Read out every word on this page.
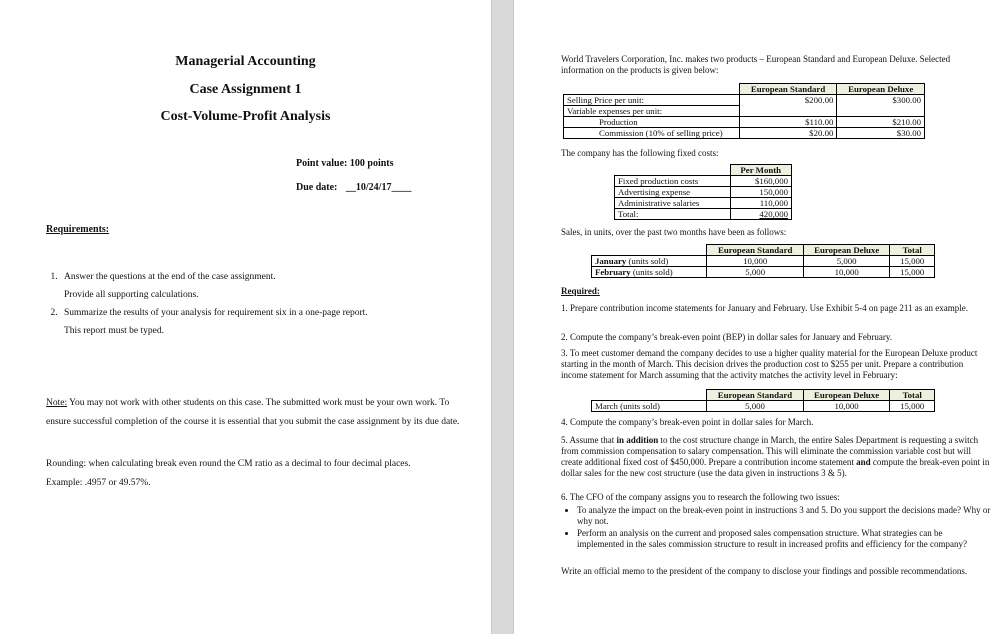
Managerial Accounting
Case Assignment 1
Cost-Volume-Profit Analysis
Point value: 100 points
Due date: __10/24/17____
Requirements:
1. Answer the questions at the end of the case assignment.
Provide all supporting calculations.
2. Summarize the results of your analysis for requirement six in a one-page report.
This report must be typed.
Note: You may not work with other students on this case. The submitted work must be your own work. To ensure successful completion of the course it is essential that you submit the case assignment by its due date.
Rounding: when calculating break even round the CM ratio as a decimal to four decimal places.
Example: .4957 or 49.57%.
World Travelers Corporation, Inc. makes two products – European Standard and European Deluxe. Selected information on the products is given below:
	European Standard	European Deluxe
Selling Price per unit:	$200.00	$300.00
Variable expenses per unit:		
Production	$110.00	$210.00
Commission (10% of selling price)	$20.00	$30.00
The company has the following fixed costs:
	Per Month
Fixed production costs	$160,000
Advertising expense	150,000
Administrative salaries	110,000
Total:	420,000
Sales, in units, over the past two months have been as follows:
	European Standard	European Deluxe	Total
January (units sold)	10,000	5,000	15,000
February (units sold)	5,000	10,000	15,000
Required:
1. Prepare contribution income statements for January and February. Use Exhibit 5-4 on page 211 as an example.
2. Compute the company’s break-even point (BEP) in dollar sales for January and February.
3. To meet customer demand the company decides to use a higher quality material for the European Deluxe product starting in the month of March. This decision drives the production cost to $255 per unit. Prepare a contribution income statement for March assuming that the activity matches the activity level in February:
	European Standard	European Deluxe	Total
March (units sold)	5,000	10,000	15,000
4. Compute the company’s break-even point in dollar sales for March.
5. Assume that in addition to the cost structure change in March, the entire Sales Department is requesting a switch from commission compensation to salary compensation. This will eliminate the commission variable cost but will create additional fixed cost of $450,000. Prepare a contribution income statement and compute the break-even point in dollar sales for the new cost structure (use the data given in instructions 3 & 5).
6. The CFO of the company assigns you to research the following two issues:
• To analyze the impact on the break-even point in instructions 3 and 5. Do you support the decisions made? Why or why not.
• Perform an analysis on the current and proposed sales compensation structure. What strategies can be implemented in the sales commission structure to result in increased profits and efficiency for the company?
Write an official memo to the president of the company to disclose your findings and possible recommendations.
